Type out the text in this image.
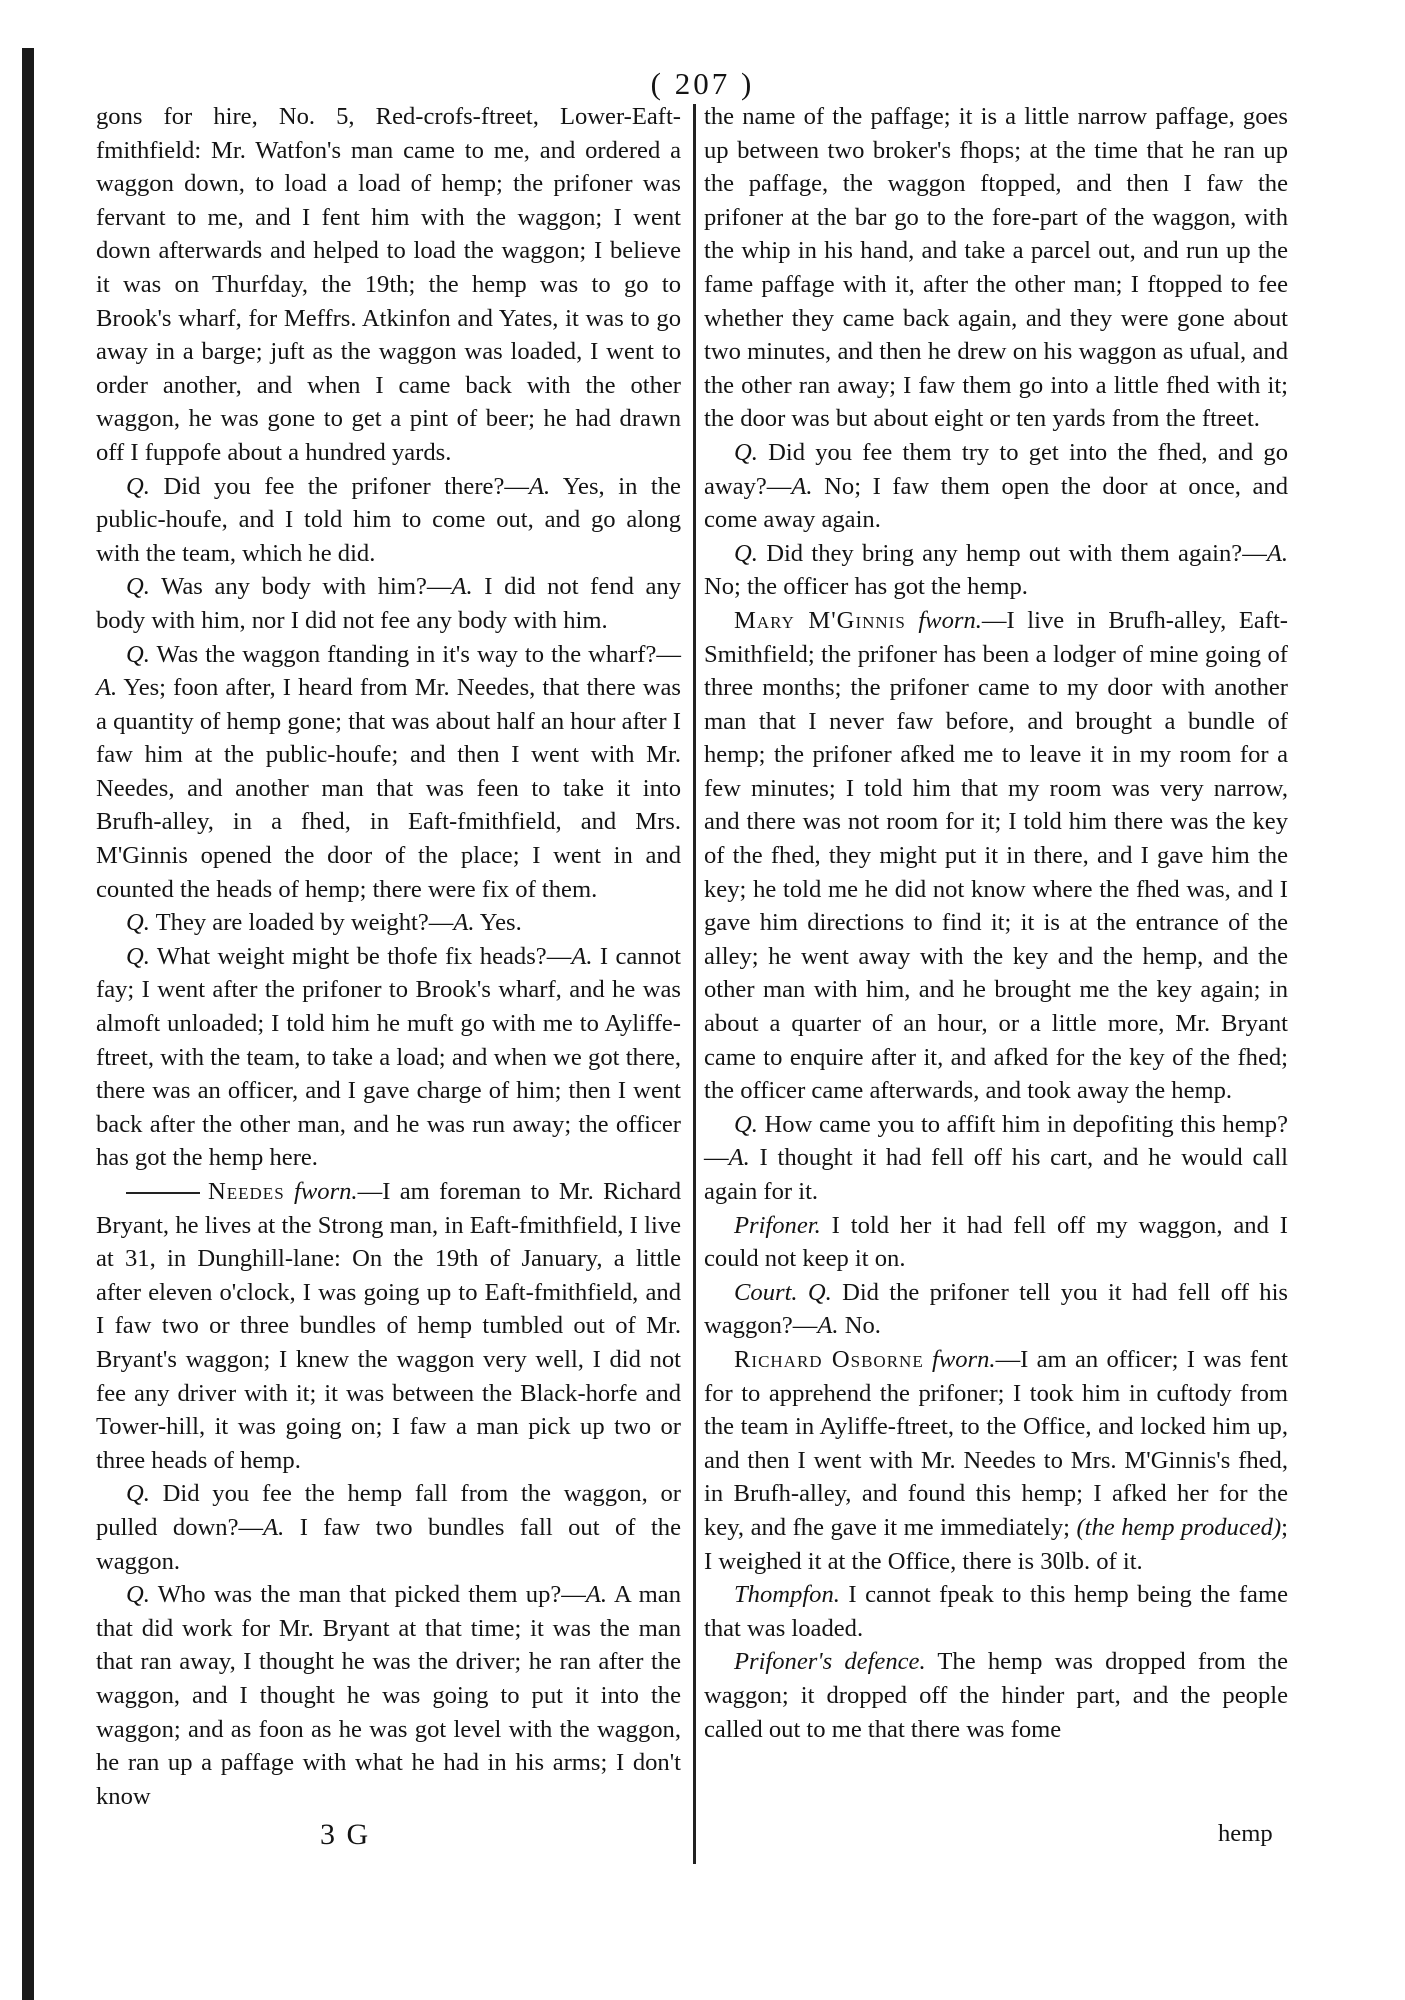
( 207 )

gons for hire, No. 5, Red-crofs-ftreet, Lower-Eaft-fmithfield: Mr. Watfon's man came to me, and ordered a waggon down, to load a load of hemp; the prifoner was fervant to me, and I fent him with the waggon; I went down afterwards and helped to load the waggon; I believe it was on Thurfday, the 19th; the hemp was to go to Brook's wharf, for Meffrs. Atkinfon and Yates, it was to go away in a barge; juft as the waggon was loaded, I went to order another, and when I came back with the other waggon, he was gone to get a pint of beer; he had drawn off I fuppofe about a hundred yards.

Q. Did you fee the prifoner there?—A. Yes, in the public-houfe, and I told him to come out, and go along with the team, which he did.

Q. Was any body with him?—A. I did not fend any body with him, nor I did not fee any body with him.

Q. Was the waggon ftanding in it's way to the wharf?—A. Yes; foon after, I heard from Mr. Needes, that there was a quantity of hemp gone; that was about half an hour after I faw him at the public-houfe; and then I went with Mr. Needes, and another man that was feen to take it into Brufh-alley, in a fhed, in Eaft-fmithfield, and Mrs. M'Ginnis opened the door of the place; I went in and counted the heads of hemp; there were fix of them.

Q. They are loaded by weight?—A. Yes.

Q. What weight might be thofe fix heads?—A. I cannot fay; I went after the prifoner to Brook's wharf, and he was almoft unloaded; I told him he muft go with me to Ayliffe-ftreet, with the team, to take a load; and when we got there, there was an officer, and I gave charge of him; then I went back after the other man, and he was run away; the officer has got the hemp here.

Needes fworn.—I am foreman to Mr. Richard Bryant, he lives at the Strong man, in Eaft-fmithfield, I live at 31, in Dunghill-lane: On the 19th of January, a little after eleven o'clock, I was going up to Eaft-fmithfield, and I faw two or three bundles of hemp tumbled out of Mr. Bryant's waggon; I knew the waggon very well, I did not fee any driver with it; it was between the Black-horfe and Tower-hill, it was going on; I faw a man pick up two or three heads of hemp.

Q. Did you fee the hemp fall from the waggon, or pulled down?—A. I faw two bundles fall out of the waggon.

Q. Who was the man that picked them up?—A. A man that did work for Mr. Bryant at that time; it was the man that ran away, I thought he was the driver; he ran after the waggon, and I thought he was going to put it into the waggon; and as foon as he was got level with the waggon, he ran up a paffage with what he had in his arms; I don't know

the name of the paffage; it is a little narrow paffage, goes up between two broker's fhops; at the time that he ran up the paffage, the waggon ftopped, and then I faw the prifoner at the bar go to the fore-part of the waggon, with the whip in his hand, and take a parcel out, and run up the fame paffage with it, after the other man; I ftopped to fee whether they came back again, and they were gone about two minutes, and then he drew on his waggon as ufual, and the other ran away; I faw them go into a little fhed with it; the door was but about eight or ten yards from the ftreet.

Q. Did you fee them try to get into the fhed, and go away?—A. No; I faw them open the door at once, and come away again.

Q. Did they bring any hemp out with them again?—A. No; the officer has got the hemp.

Mary M'Ginnis fworn.—I live in Brufh-alley, Eaft-Smithfield; the prifoner has been a lodger of mine going of three months; the prifoner came to my door with another man that I never faw before, and brought a bundle of hemp; the prifoner afked me to leave it in my room for a few minutes; I told him that my room was very narrow, and there was not room for it; I told him there was the key of the fhed, they might put it in there, and I gave him the key; he told me he did not know where the fhed was, and I gave him directions to find it; it is at the entrance of the alley; he went away with the key and the hemp, and the other man with him, and he brought me the key again; in about a quarter of an hour, or a little more, Mr. Bryant came to enquire after it, and afked for the key of the fhed; the officer came afterwards, and took away the hemp.

Q. How came you to affift him in depofiting this hemp?—A. I thought it had fell off his cart, and he would call again for it.

Prifoner. I told her it had fell off my waggon, and I could not keep it on.

Court. Q. Did the prifoner tell you it had fell off his waggon?—A. No.

Richard Osborne fworn.—I am an officer; I was fent for to apprehend the prifoner; I took him in cuftody from the team in Ayliffe-ftreet, to the Office, and locked him up, and then I went with Mr. Needes to Mrs. M'Ginnis's fhed, in Brufh-alley, and found this hemp; I afked her for the key, and fhe gave it me immediately; (the hemp produced); I weighed it at the Office, there is 30lb. of it.

Thompfon. I cannot fpeak to this hemp being the fame that was loaded.

Prifoner's defence. The hemp was dropped from the waggon; it dropped off the hinder part, and the people called out to me that there was fome

3 G	hemp
